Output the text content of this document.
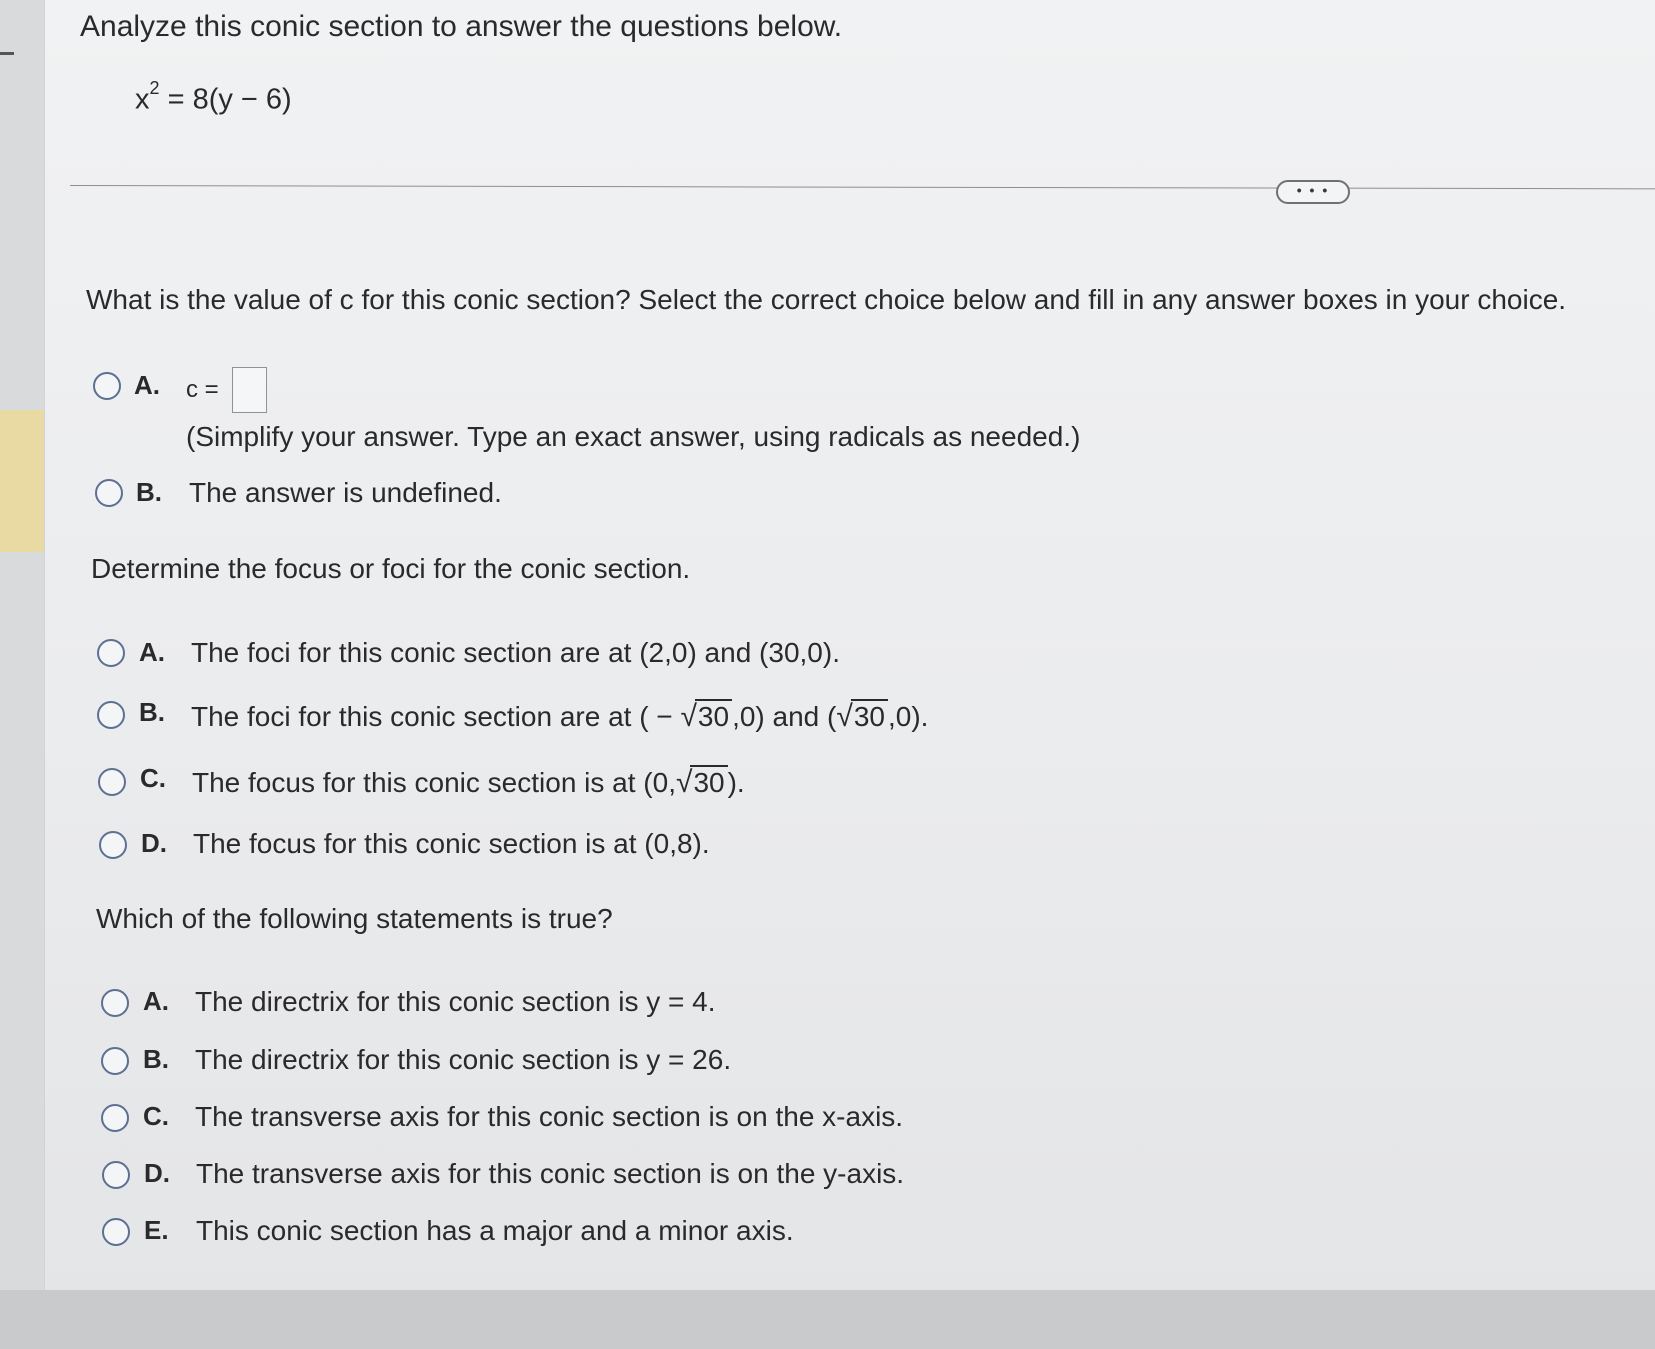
Analyze this conic section to answer the questions below.
$x^2 = 8(y - 6)$
• • •
What is the value of c for this conic section? Select the correct choice below and fill in any answer boxes in your choice.
A. c =
(Simplify your answer. Type an exact answer, using radicals as needed.)
B. The answer is undefined.
Determine the focus or foci for the conic section.
A. The foci for this conic section are at (2,0) and (30,0).
B. The foci for this conic section are at ( − √30 ,0) and (√30 ,0).
C. The focus for this conic section is at (0,√30 ).
D. The focus for this conic section is at (0,8).
Which of the following statements is true?
A. The directrix for this conic section is y = 4.
B. The directrix for this conic section is y = 26.
C. The transverse axis for this conic section is on the x-axis.
D. The transverse axis for this conic section is on the y-axis.
E. This conic section has a major and a minor axis.
